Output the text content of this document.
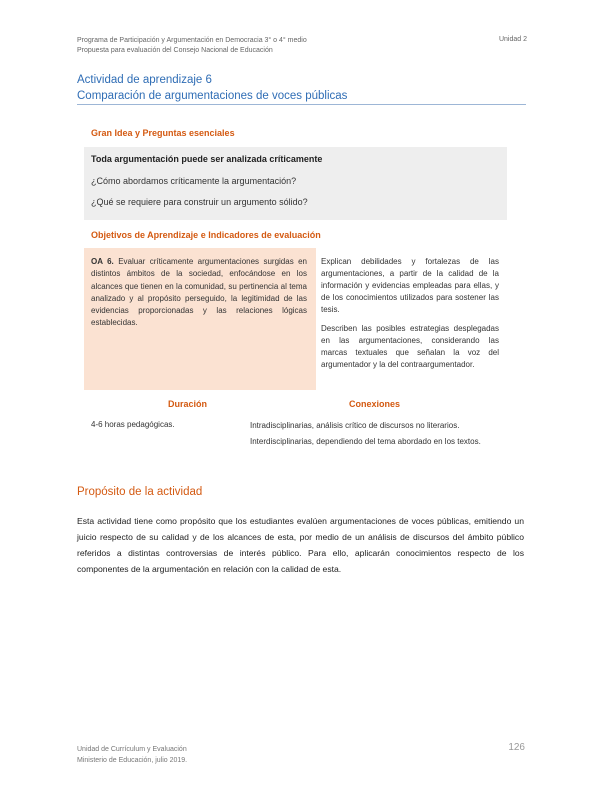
Programa de Participación y Argumentación en Democracia 3° o 4° medio
Propuesta para evaluación del Consejo Nacional de Educación
Unidad 2
Actividad de aprendizaje 6
Comparación de argumentaciones de voces públicas
Gran Idea y Preguntas esenciales
Toda argumentación puede ser analizada críticamente
¿Cómo abordamos críticamente la argumentación?
¿Qué se requiere para construir un argumento sólido?
Objetivos de Aprendizaje e Indicadores de evaluación
OA 6. Evaluar críticamente argumentaciones surgidas en distintos ámbitos de la sociedad, enfocándose en los alcances que tienen en la comunidad, su pertinencia al tema analizado y al propósito perseguido, la legitimidad de las evidencias proporcionadas y las relaciones lógicas establecidas.
Explican debilidades y fortalezas de las argumentaciones, a partir de la calidad de la información y evidencias empleadas para ellas, y de los conocimientos utilizados para sostener las tesis.
Describen las posibles estrategias desplegadas en las argumentaciones, considerando las marcas textuales que señalan la voz del argumentador y la del contraargumentador.
Duración	Conexiones
4-6 horas pedagógicas.	Intradisciplinarias, análisis crítico de discursos no literarios.
Interdisciplinarias, dependiendo del tema abordado en los textos.
Propósito de la actividad
Esta actividad tiene como propósito que los estudiantes evalúen argumentaciones de voces públicas, emitiendo un juicio respecto de su calidad y de los alcances de esta, por medio de un análisis de discursos del ámbito público referidos a distintas controversias de interés público. Para ello, aplicarán conocimientos respecto de los componentes de la argumentación en relación con la calidad de esta.
Unidad de Currículum y Evaluación
Ministerio de Educación, julio 2019.
126
